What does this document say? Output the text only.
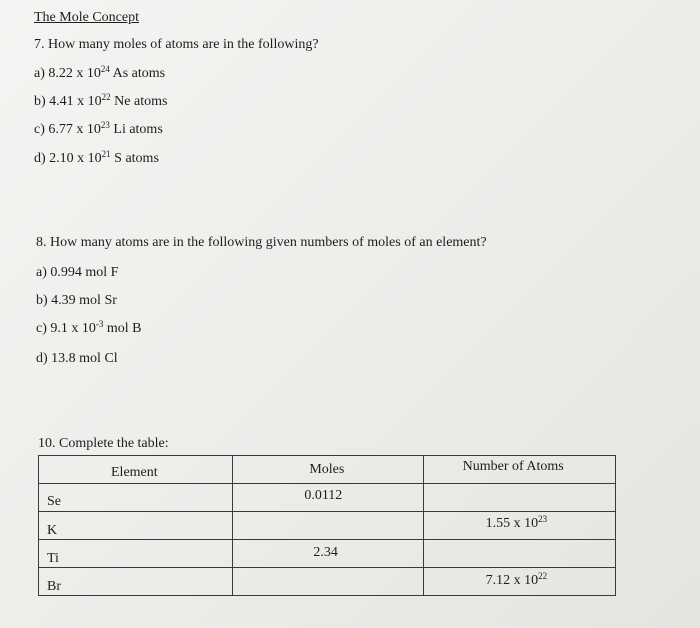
The Mole Concept
7. How many moles of atoms are in the following?
a) 8.22 x $10^{24}$ As atoms
b) 4.41 x $10^{22}$ Ne atoms
c) 6.77 x $10^{23}$ Li atoms
d) 2.10 x $10^{21}$ S atoms
8. How many atoms are in the following given numbers of moles of an element?
a) 0.994 mol F
b) 4.39 mol Sr
c) 9.1 x $10^{-3}$ mol B
d) 13.8 mol Cl
10. Complete the table:
Element	Moles	Number of Atoms

Se	0.0112	

K		1.55 x $10^{23}$

Ti	2.34	

Br		7.12 x $10^{22}$
